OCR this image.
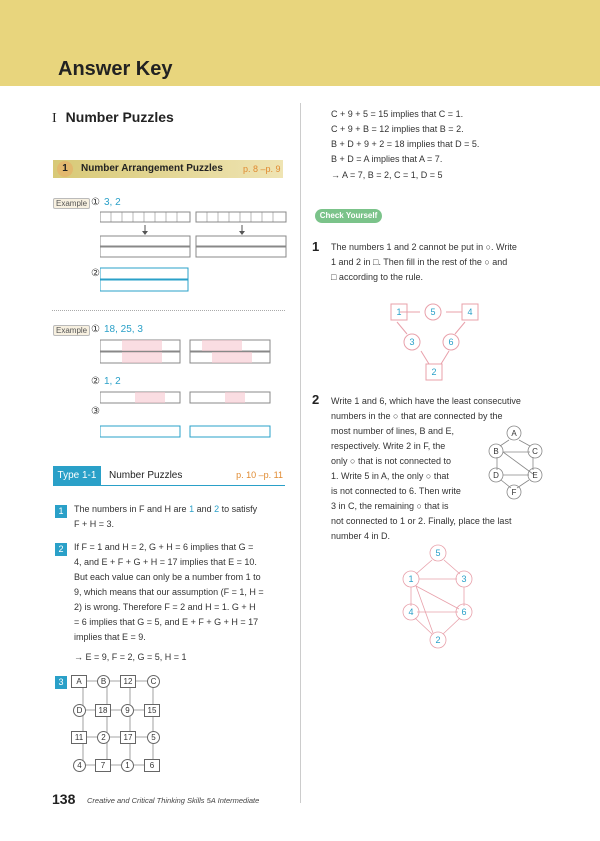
Answer Key
I Number Puzzles
1	Number Arrangement Puzzles p. 8 –p. 9
Example ① 3, 2
②
Example ① 18, 25, 3
② 1, 2
③
Type 1-1	Number Puzzles	p. 10 –p. 11
1	The numbers in F and H are 1 and 2 to satisfy
F + H = 3.
2	If F = 1 and H = 2, G + H = 6 implies that G =
4, and E + F + G + H = 17 implies that E = 10.
But each value can only be a number from 1 to
9, which means that our assumption (F = 1, H =
2) is wrong. Therefore F = 2 and H = 1. G + H
= 6 implies that G = 5, and E + F + G + H = 17
implies that E = 9.
→ E = 9, F = 2, G = 5, H = 1
3	A	B	12	C
D	18	9	15
11	2	17	5
4	7	1	6
C + 9 + 5 = 15 implies that C = 1.
C + 9 + B = 12 implies that B = 2.
B + D + 9 + 2 = 18 implies that D = 5.
B + D = A implies that A = 7.
→ A = 7, B = 2, C = 1, D = 5
Check Yourself
1 The numbers 1 and 2 cannot be put in ○. Write
1 and 2 in □. Then fill in the rest of the ○ and
□ according to the rule.
1	5	4
3	6
2
2 Write 1 and 6, which have the least consecutive
numbers in the ○ that are connected by the
most number of lines, B and E,
respectively. Write 2 in F, the
only ○ that is not connected to
1. Write 5 in A, the only ○ that
is not connected to 6. Then write
3 in C, the remaining ○ that is
not connected to 1 or 2. Finally, place the last
number 4 in D.
A
B	C
D	E
F
5
1	3
4	6
2
138 Creative and Critical Thinking Skills 5A Intermediate
